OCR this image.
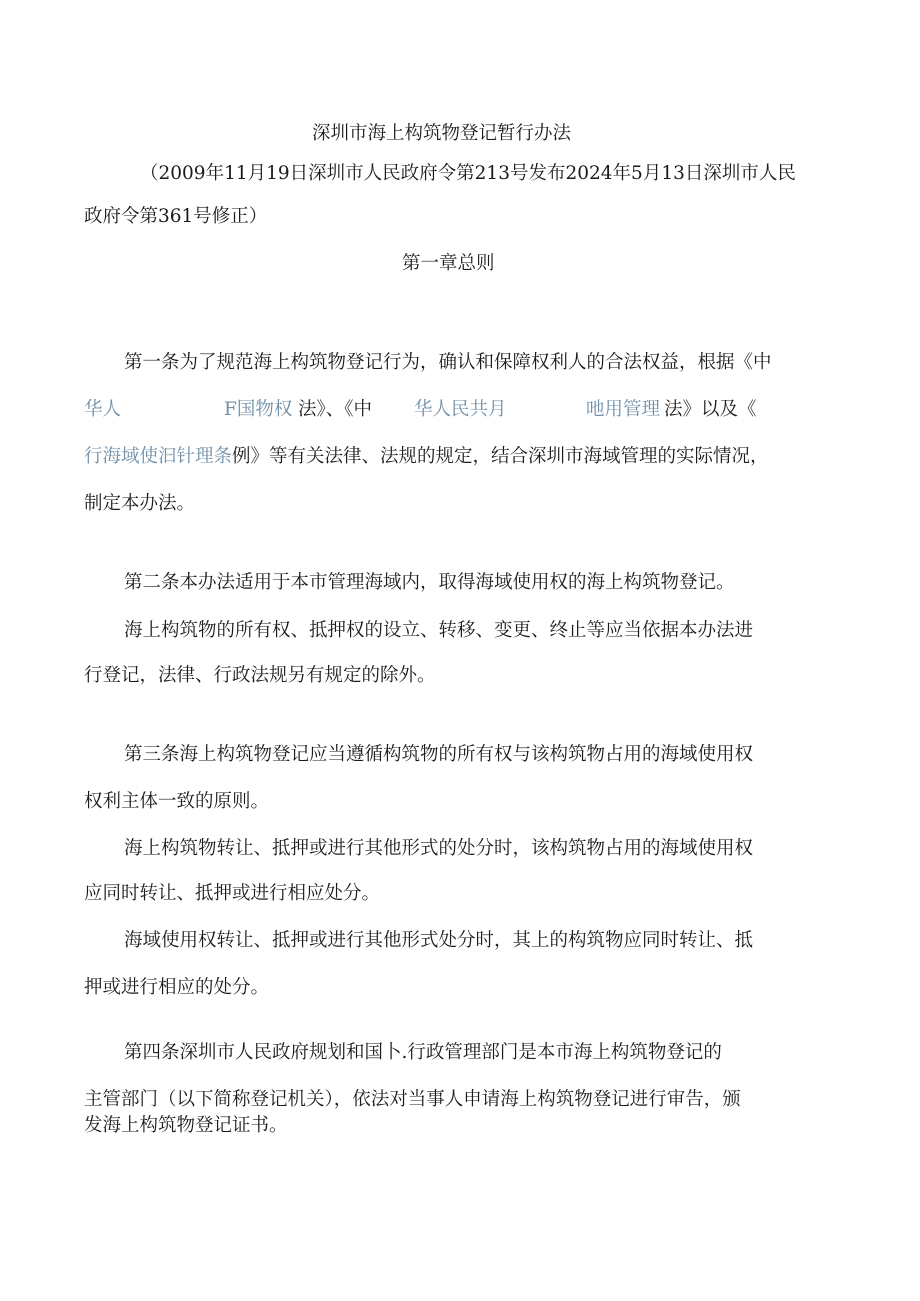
深圳市海上构筑物登记暂行办法
（2009年11月19日深圳市人民政府令第213号发布2024年5月13日深圳市人民
政府令第361号修正）
第一章总则
第一条为了规范海上构筑物登记行为，确认和保障权利人的合法权益，根据《中
华人	F国物权 法》、《中 华人民共月	吔用管理 法》以及《
行海域使汩针理条例》等有关法律、法规的规定，结合深圳市海域管理的实际情况，
制定本办法。
第二条本办法适用于本市管理海域内，取得海域使用权的海上构筑物登记。
海上构筑物的所有权、抵押权的设立、转移、变更、终止等应当依据本办法进
行登记，法律、行政法规另有规定的除外。
第三条海上构筑物登记应当遵循构筑物的所有权与该构筑物占用的海域使用权
权利主体一致的原则。
海上构筑物转让、抵押或进行其他形式的处分时，该构筑物占用的海域使用权
应同时转让、抵押或进行相应处分。
海域使用权转让、抵押或进行其他形式处分时，其上的构筑物应同时转让、抵
押或进行相应的处分。
第四条深圳市人民政府规划和国卜.行政管理部门是本市海上构筑物登记的
主管部门（以下简称登记机关），依法对当事人申请海上构筑物登记进行审告，颁
发海上构筑物登记证书。
